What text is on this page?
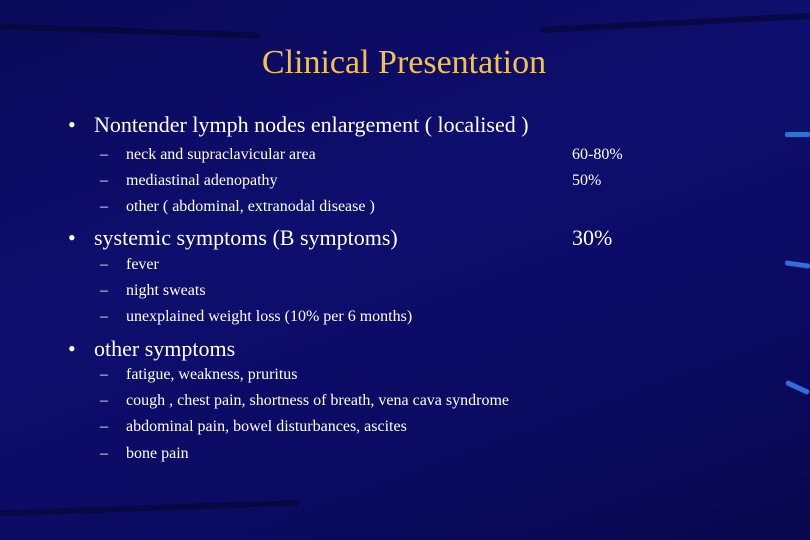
Clinical Presentation
• Nontender lymph nodes enlargement ( localised )
– neck and supraclavicular area	60-80%
– mediastinal adenopathy	50%
– other ( abdominal, extranodal disease )
• systemic symptoms (B symptoms)	30%
– fever
– night sweats
– unexplained weight loss (10% per 6 months)
• other symptoms
– fatigue, weakness, pruritus
– cough , chest pain, shortness of breath, vena cava syndrome
– abdominal pain, bowel disturbances, ascites
– bone pain
